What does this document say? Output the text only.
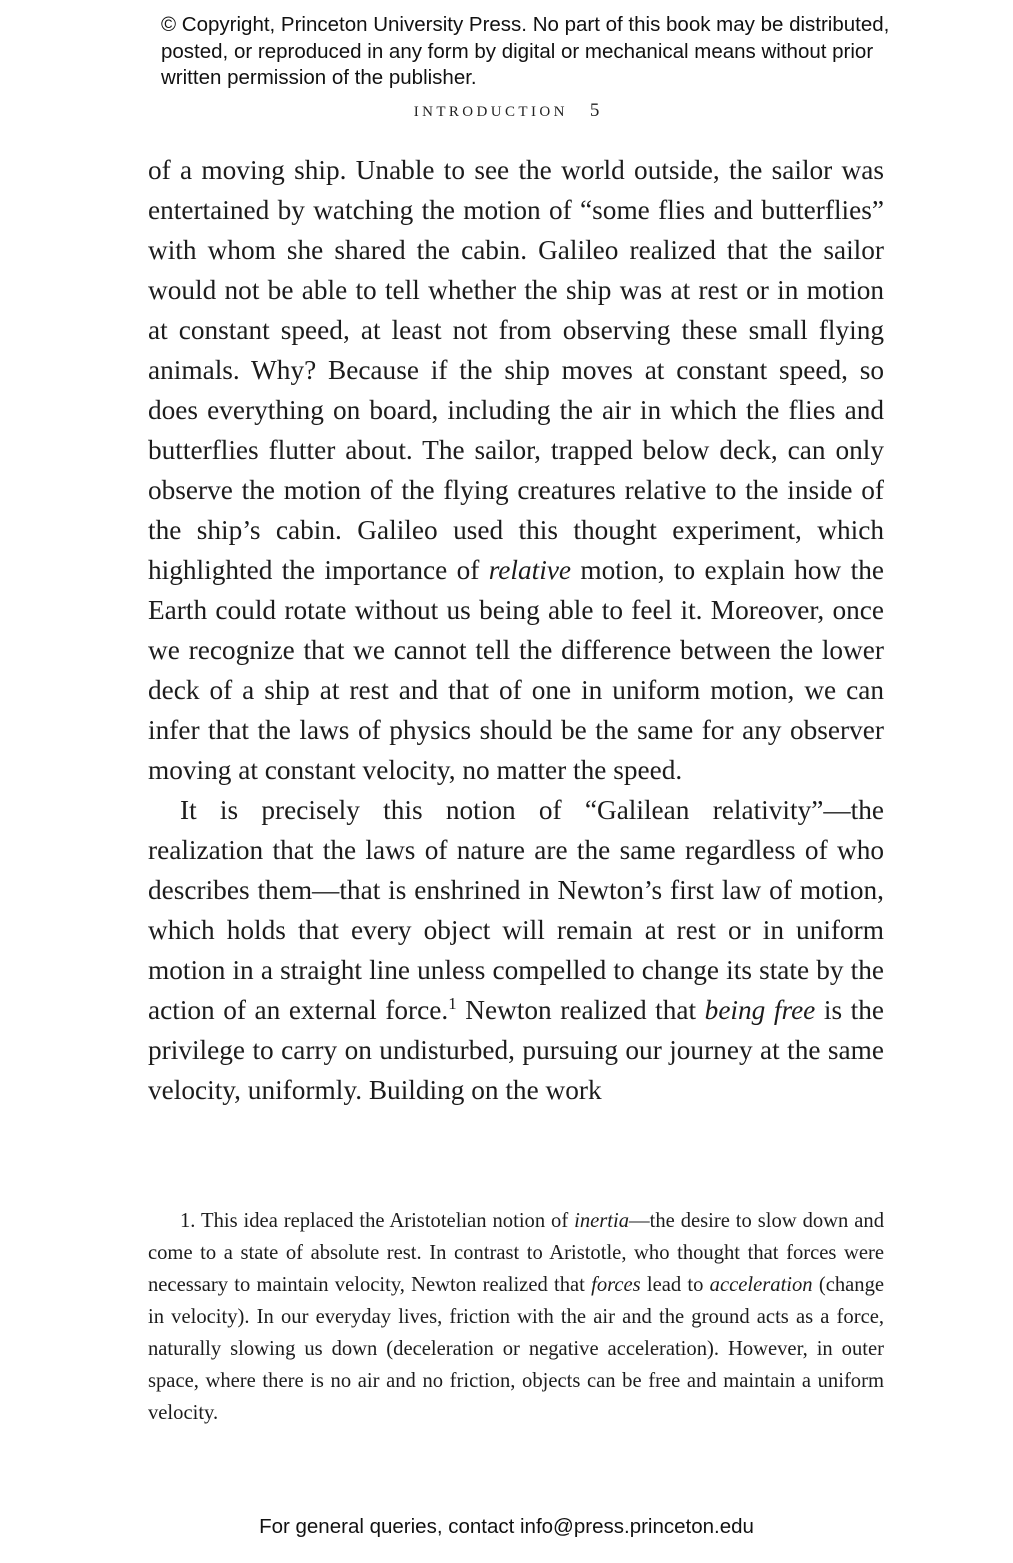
© Copyright, Princeton University Press. No part of this book may be distributed, posted, or reproduced in any form by digital or mechanical means without prior written permission of the publisher.
INTRODUCTION 5

of a moving ship. Unable to see the world outside, the sailor was entertained by watching the motion of “some flies and butterflies” with whom she shared the cabin. Galileo realized that the sailor would not be able to tell whether the ship was at rest or in motion at constant speed, at least not from observing these small flying animals. Why? Because if the ship moves at constant speed, so does everything on board, including the air in which the flies and butterflies flutter about. The sailor, trapped below deck, can only observe the motion of the flying creatures relative to the inside of the ship’s cabin. Galileo used this thought experiment, which highlighted the importance of relative motion, to explain how the Earth could rotate without us being able to feel it. Moreover, once we recognize that we cannot tell the difference between the lower deck of a ship at rest and that of one in uniform motion, we can infer that the laws of physics should be the same for any observer moving at constant velocity, no matter the speed.

It is precisely this notion of “Galilean relativity”—the realization that the laws of nature are the same regardless of who describes them—that is enshrined in Newton’s first law of motion, which holds that every object will remain at rest or in uniform motion in a straight line unless compelled to change its state by the action of an external force.$^1$ Newton realized that being free is the privilege to carry on undisturbed, pursuing our journey at the same velocity, uniformly. Building on the work

1. This idea replaced the Aristotelian notion of inertia—the desire to slow down and come to a state of absolute rest. In contrast to Aristotle, who thought that forces were necessary to maintain velocity, Newton realized that forces lead to acceleration (change in velocity). In our everyday lives, friction with the air and the ground acts as a force, naturally slowing us down (deceleration or negative acceleration). However, in outer space, where there is no air and no friction, objects can be free and maintain a uniform velocity.

For general queries, contact info@press.princeton.edu
